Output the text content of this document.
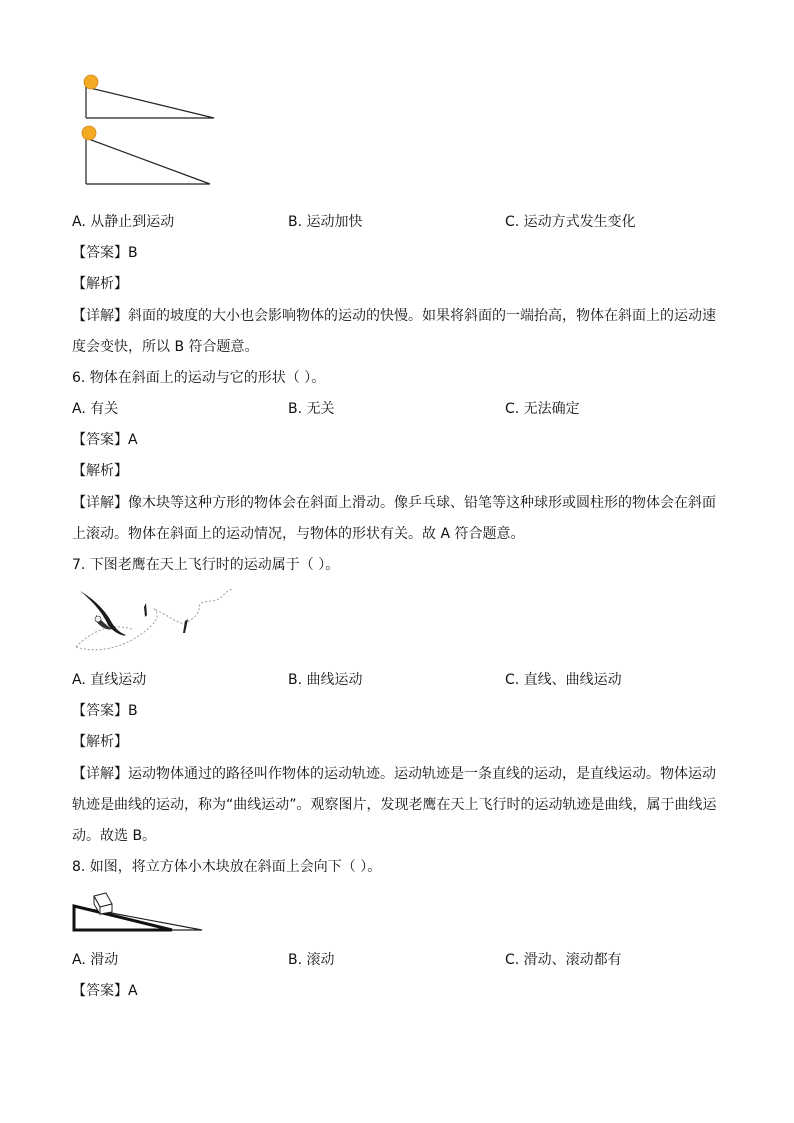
A. 从静止到运动	B. 运动加快	C. 运动方式发生变化
【答案】B
【解析】
【详解】斜面的坡度的大小也会影响物体的运动的快慢。如果将斜面的一端抬高，物体在斜面上的运动速度会变快，所以 B 符合题意。
6. 物体在斜面上的运动与它的形状（ ）。
A. 有关	B. 无关	C. 无法确定
【答案】A
【解析】
【详解】像木块等这种方形的物体会在斜面上滑动。像乒乓球、铅笔等这种球形或圆柱形的物体会在斜面上滚动。物体在斜面上的运动情况，与物体的形状有关。故 A 符合题意。
7. 下图老鹰在天上飞行时的运动属于（ ）。
A. 直线运动	B. 曲线运动	C. 直线、曲线运动
【答案】B
【解析】
【详解】运动物体通过的路径叫作物体的运动轨迹。运动轨迹是一条直线的运动，是直线运动。物体运动轨迹是曲线的运动，称为“曲线运动”。观察图片，发现老鹰在天上飞行时的运动轨迹是曲线，属于曲线运动。故选 B。
8. 如图，将立方体小木块放在斜面上会向下（ ）。
A. 滑动	B. 滚动	C. 滑动、滚动都有
【答案】A
